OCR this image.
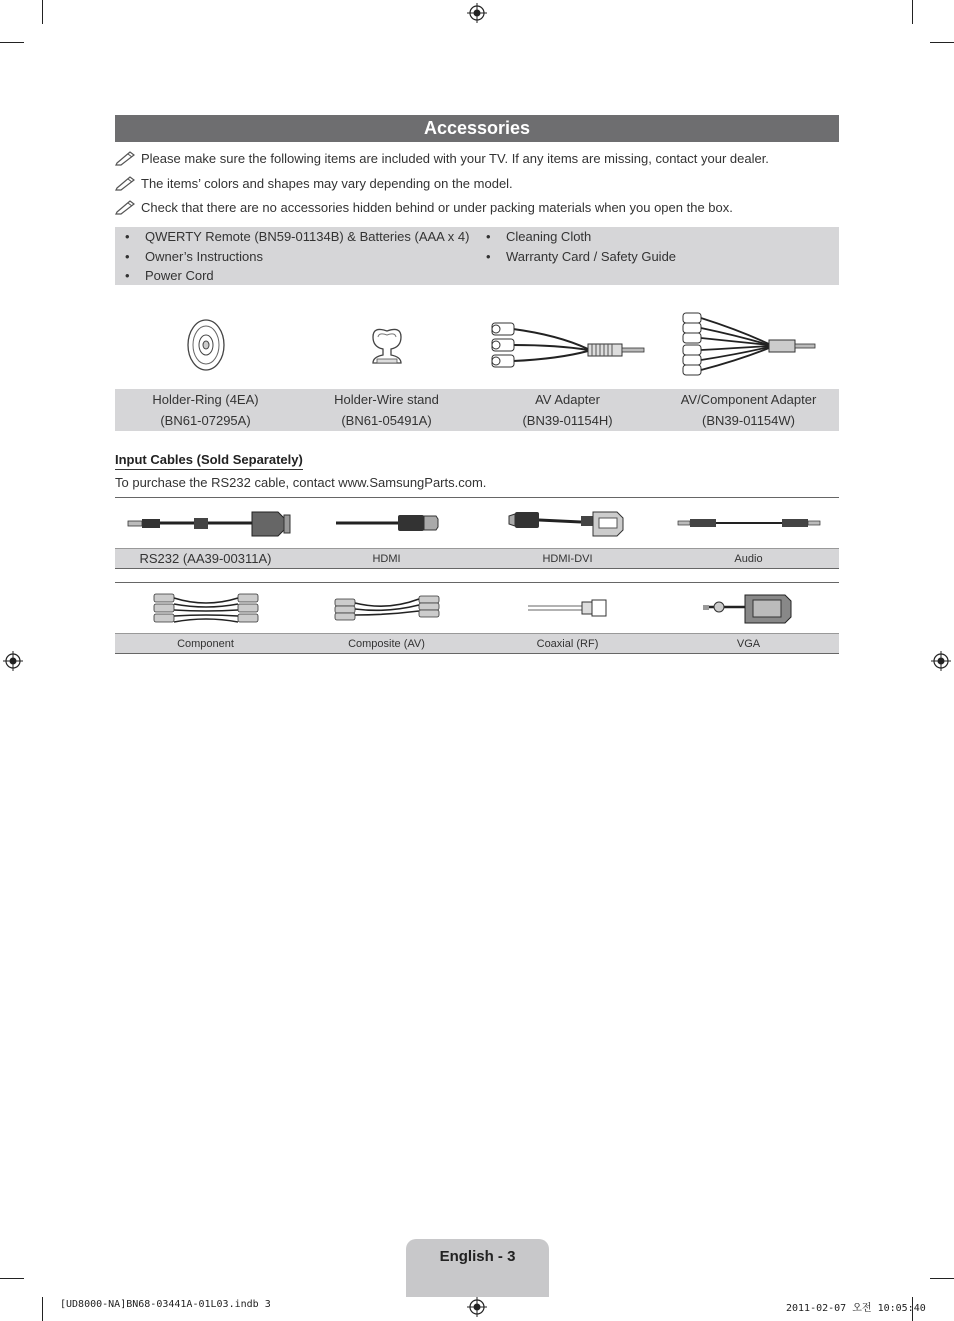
Accessories
Please make sure the following items are included with your TV. If any items are missing, contact your dealer.
The items’ colors and shapes may vary depending on the model.
Check that there are no accessories hidden behind or under packing materials when you open the box.
• QWERTY Remote (BN59-01134B) & Batteries (AAA x 4)
• Owner’s Instructions
• Power Cord
• Cleaning Cloth
• Warranty Card / Safety Guide
Holder-Ring (4EA)
(BN61-07295A)
Holder-Wire stand
(BN61-05491A)
AV Adapter
(BN39-01154H)
AV/Component Adapter
(BN39-01154W)
Input Cables (Sold Separately)
To purchase the RS232 cable, contact www.SamsungParts.com.
RS232 (AA39-00311A)	HDMI	HDMI-DVI	Audio
Component	Composite (AV)	Coaxial (RF)	VGA
English - 3
[UD8000-NA]BN68-03441A-01L03.indb 3	2011-02-07 오전 10:05:40
